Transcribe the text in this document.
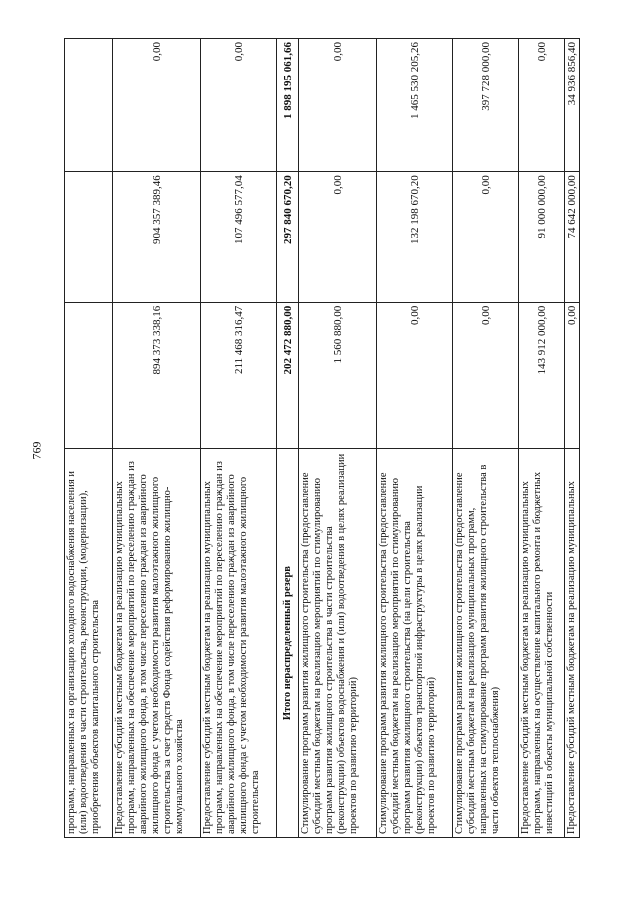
769
программ, направленных на организацию холодного водоснабжения населения и (или) водоотведения в части строительства, реконструкции, (модернизации), приобретения объектов капитального строительства			
Предоставление субсидий местным бюджетам на реализацию муниципальных программ, направленных на обеспечение мероприятий по переселению граждан из аварийного жилищного фонда, в том числе переселению граждан из аварийного жилищного фонда с учетом необходимости развития малоэтажного жилищного строительства за счет средств Фонда содействия реформированию жилищно-коммунального хозяйства	894 373 338,16	904 357 389,46	0,00
Предоставление субсидий местным бюджетам на реализацию муниципальных программ, направленных на обеспечение мероприятий по переселению граждан из аварийного жилищного фонда, в том числе переселению граждан из аварийного жилищного фонда с учетом необходимости развития малоэтажного жилищного строительства	211 468 316,47	107 496 577,04	0,00
Итого нераспределенный резерв	202 472 880,00	297 840 670,20	1 898 195 061,66
Стимулирование программ развития жилищного строительства (предоставление субсидий местным бюджетам на реализацию мероприятий по стимулированию программ развития жилищного строительства в части строительства (реконструкции) объектов водоснабжения и (или) водоотведения в целях реализации проектов по развитию территорий)	1 560 880,00	0,00	0,00
Стимулирование программ развития жилищного строительства (предоставление субсидий местным бюджетам на реализацию мероприятий по стимулированию программ развития жилищного строительства (на цели строительства (реконструкции) объектов транспортной инфраструктуры в целях реализации проектов по развитию территорий)	0,00	132 198 670,20	1 465 530 205,26
Стимулирование программ развития жилищного строительства (предоставление субсидий местным бюджетам на реализацию муниципальных программ, направленных на стимулирование программ развития жилищного строительства в части объектов теплоснабжения)	0,00	0,00	397 728 000,00
Предоставление субсидий местным бюджетам на реализацию муниципальных программ, направленных на осуществление капитального ремонта и бюджетных инвестиций в объекты муниципальной собственности	143 912 000,00	91 000 000,00	0,00
Предоставление субсидий местным бюджетам на реализацию муниципальных	0,00	74 642 000,00	34 936 856,40
